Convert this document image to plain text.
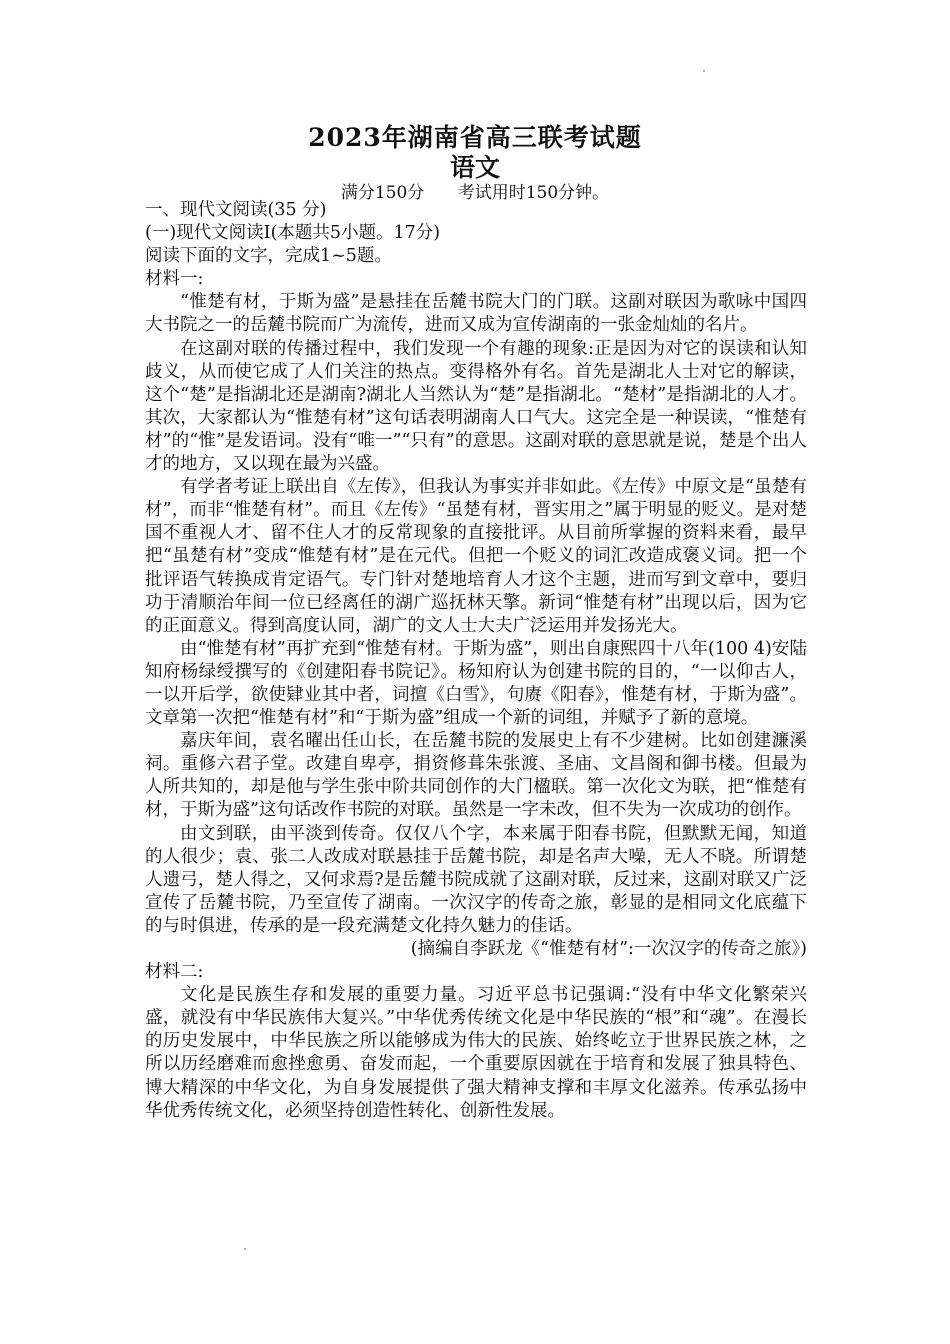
2023年湖南省高三联考试题
语文
满分150分 考试用时150分钟。

一、现代文阅读(35 分)

(一)现代文阅读Ⅰ(本题共5小题。17分)

阅读下面的文字，完成1~5题。

材料一:

“惟楚有材，于斯为盛”是悬挂在岳麓书院大门的门联。这副对联因为歌咏中国四大书院之一的岳麓书院而广为流传，进而又成为宣传湖南的一张金灿灿的名片。

在这副对联的传播过程中，我们发现一个有趣的现象:正是因为对它的误读和认知歧义，从而使它成了人们关注的热点。变得格外有名。首先是湖北人士对它的解读，这个“楚”是指湖北还是湖南?湖北人当然认为“楚”是指湖北。“楚材”是指湖北的人才。其次，大家都认为“惟楚有材”这句话表明湖南人口气大。这完全是一种误读，“惟楚有材”的“惟”是发语词。没有“唯一”“只有”的意思。这副对联的意思就是说，楚是个出人才的地方，又以现在最为兴盛。

有学者考证上联出自《左传》，但我认为事实并非如此。《左传》中原文是“虽楚有材”，而非“惟楚有材”。而且《左传》“虽楚有材，晋实用之”属于明显的贬义。是对楚国不重视人才、留不住人才的反常现象的直接批评。从目前所掌握的资料来看，最早把“虽楚有材”变成“惟楚有材”是在元代。但把一个贬义的词汇改造成褒义词。把一个批评语气转换成肯定语气。专门针对楚地培育人才这个主题，进而写到文章中，要归功于清顺治年间一位已经离任的湖广巡抚林天擎。新词“惟楚有材”出现以后，因为它的正面意义。得到高度认同，湖广的文人士大夫广泛运用并发扬光大。

由“惟楚有材”再扩充到“惟楚有材。于斯为盛”，则出自康熙四十八年(100 4)安陆知府杨绿绶撰写的《创建阳春书院记》。杨知府认为创建书院的目的，“一以仰古人，一以开后学，欲使肄业其中者，词擅《白雪》，句赓《阳春》，惟楚有材，于斯为盛”。 文章第一次把“惟楚有材”和“于斯为盛”组成一个新的词组，并赋予了新的意境。

嘉庆年间，袁名曜出任山长，在岳麓书院的发展史上有不少建树。比如创建濂溪祠。重修六君子堂。改建自卑亭，捐资修葺朱张渡、圣庙、文昌阁和御书楼。但最为人所共知的，却是他与学生张中阶共同创作的大门楹联。第一次化文为联，把“惟楚有材，于斯为盛”这句话改作书院的对联。虽然是一字未改，但不失为一次成功的创作。

由文到联，由平淡到传奇。仅仅八个字，本来属于阳春书院，但默默无闻，知道的人很少；袁、张二人改成对联悬挂于岳麓书院，却是名声大噪，无人不晓。所谓楚人遗弓，楚人得之，又何求焉?是岳麓书院成就了这副对联，反过来，这副对联又广泛宣传了岳麓书院，乃至宣传了湖南。一次汉字的传奇之旅，彰显的是相同文化底蕴下的与时俱进，传承的是一段充满楚文化持久魅力的佳话。

(摘编自李跃龙《“惟楚有材”:一次汉字的传奇之旅》)

材料二:

文化是民族生存和发展的重要力量。习近平总书记强调:“没有中华文化繁荣兴盛，就没有中华民族伟大复兴。”中华优秀传统文化是中华民族的“根”和“魂”。在漫长的历史发展中，中华民族之所以能够成为伟大的民族、始终屹立于世界民族之林，之所以历经磨难而愈挫愈勇、奋发而起，一个重要原因就在于培育和发展了独具特色、博大精深的中华文化，为自身发展提供了强大精神支撑和丰厚文化滋养。传承弘扬中华优秀传统文化，必须坚持创造性转化、创新性发展。
